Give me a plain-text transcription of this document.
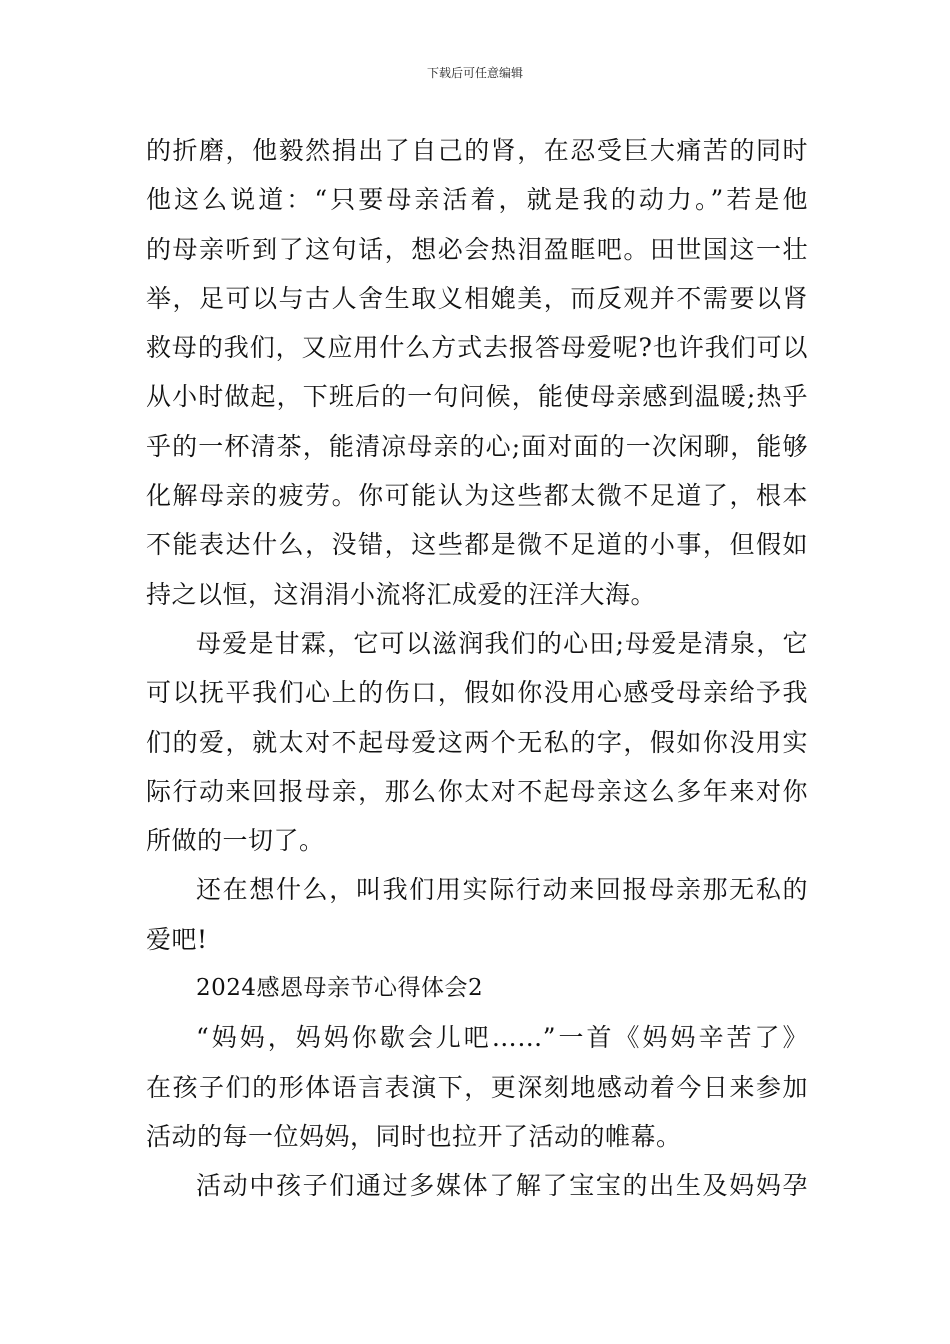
下载后可任意编辑
的折磨，他毅然捐出了自己的肾，在忍受巨大痛苦的同时
他这么说道：“只要母亲活着，就是我的动力。”若是他
的母亲听到了这句话，想必会热泪盈眶吧。田世国这一壮
举，足可以与古人舍生取义相媲美，而反观并不需要以肾
救母的我们，又应用什么方式去报答母爱呢?也许我们可以
从小时做起，下班后的一句问候，能使母亲感到温暖;热乎
乎的一杯清茶，能清凉母亲的心;面对面的一次闲聊，能够
化解母亲的疲劳。你可能认为这些都太微不足道了，根本
不能表达什么，没错，这些都是微不足道的小事，但假如
持之以恒，这涓涓小流将汇成爱的汪洋大海。
母爱是甘霖，它可以滋润我们的心田;母爱是清泉，它
可以抚平我们心上的伤口，假如你没用心感受母亲给予我
们的爱，就太对不起母爱这两个无私的字，假如你没用实
际行动来回报母亲，那么你太对不起母亲这么多年来对你
所做的一切了。
还在想什么，叫我们用实际行动来回报母亲那无私的
爱吧!
2024感恩母亲节心得体会2
“妈妈，妈妈你歇会儿吧……”一首《妈妈辛苦了》
在孩子们的形体语言表演下，更深刻地感动着今日来参加
活动的每一位妈妈，同时也拉开了活动的帷幕。
活动中孩子们通过多媒体了解了宝宝的出生及妈妈孕
